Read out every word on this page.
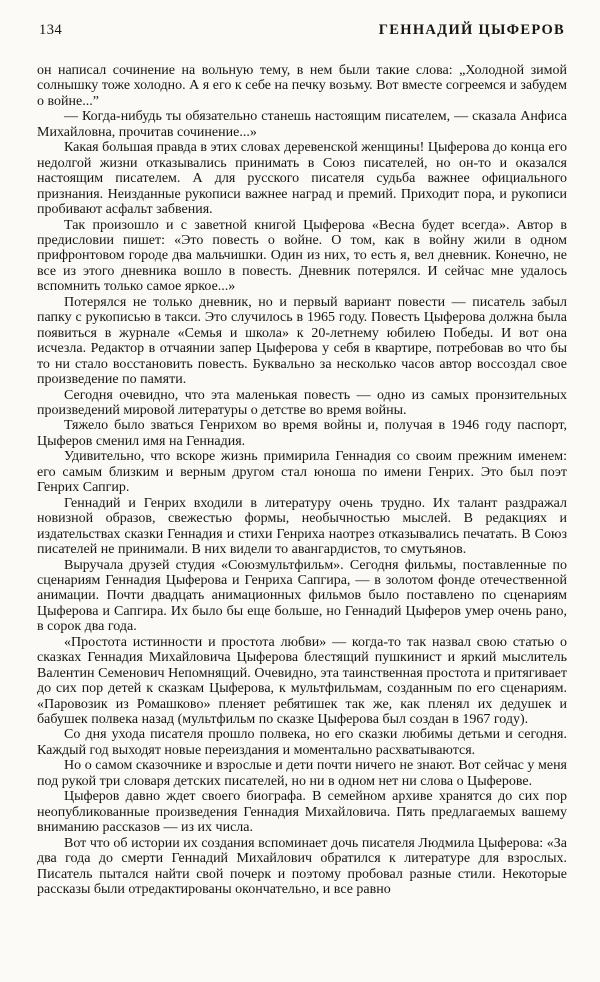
134	ГЕННАДИЙ ЦЫФЕРОВ

он написал сочинение на вольную тему, в нем были такие слова: „Холодной зимой солнышку тоже холодно. А я его к себе на печку возьму. Вот вместе согреемся и забудем о войне...”

— Когда-нибудь ты обязательно станешь настоящим писателем, — сказала Анфиса Михайловна, прочитав сочинение...»

Какая большая правда в этих словах деревенской женщины! Цыферова до конца его недолгой жизни отказывались принимать в Союз писателей, но он-то и оказался настоящим писателем. А для русского писателя судьба важнее официального признания. Неизданные рукописи важнее наград и премий. Приходит пора, и рукописи пробивают асфальт забвения.

Так произошло и с заветной книгой Цыферова «Весна будет всегда». Автор в предисловии пишет: «Это повесть о войне. О том, как в войну жили в одном прифронтовом городе два мальчишки. Один из них, то есть я, вел дневник. Конечно, не все из этого дневника вошло в повесть. Дневник потерялся. И сейчас мне удалось вспомнить только самое яркое...»

Потерялся не только дневник, но и первый вариант повести — писатель забыл папку с рукописью в такси. Это случилось в 1965 году. Повесть Цыферова должна была появиться в журнале «Семья и школа» к 20-летнему юбилею Победы. И вот она исчезла. Редактор в отчаянии запер Цыферова у себя в квартире, потребовав во что бы то ни стало восстановить повесть. Буквально за несколько часов автор воссоздал свое произведение по памяти.

Сегодня очевидно, что эта маленькая повесть — одно из самых пронзительных произведений мировой литературы о детстве во время войны.

Тяжело было зваться Генрихом во время войны и, получая в 1946 году паспорт, Цыферов сменил имя на Геннадия.

Удивительно, что вскоре жизнь примирила Геннадия со своим прежним именем: его самым близким и верным другом стал юноша по имени Генрих. Это был поэт Генрих Сапгир.

Геннадий и Генрих входили в литературу очень трудно. Их талант раздражал новизной образов, свежестью формы, необычностью мыслей. В редакциях и издательствах сказки Геннадия и стихи Генриха наотрез отказывались печатать. В Союз писателей не принимали. В них видели то авангардистов, то смутьянов.

Выручала друзей студия «Союзмультфильм». Сегодня фильмы, поставленные по сценариям Геннадия Цыферова и Генриха Сапгира, — в золотом фонде отечественной анимации. Почти двадцать анимационных фильмов было поставлено по сценариям Цыферова и Сапгира. Их было бы еще больше, но Геннадий Цыферов умер очень рано, в сорок два года.

«Простота истинности и простота любви» — когда-то так назвал свою статью о сказках Геннадия Михайловича Цыферова блестящий пушкинист и яркий мыслитель Валентин Семенович Непомнящий. Очевидно, эта таинственная простота и притягивает до сих пор детей к сказкам Цыферова, к мультфильмам, созданным по его сценариям. «Паровозик из Ромашково» пленяет ребятишек так же, как пленял их дедушек и бабушек полвека назад (мультфильм по сказке Цыферова был создан в 1967 году).

Со дня ухода писателя прошло полвека, но его сказки любимы детьми и сегодня. Каждый год выходят новые переиздания и моментально расхватываются.

Но о самом сказочнике и взрослые и дети почти ничего не знают. Вот сейчас у меня под рукой три словаря детских писателей, но ни в одном нет ни слова о Цыферове.

Цыферов давно ждет своего биографа. В семейном архиве хранятся до сих пор неопубликованные произведения Геннадия Михайловича. Пять предлагаемых вашему вниманию рассказов — из их числа.

Вот что об истории их создания вспоминает дочь писателя Людмила Цыферова: «За два года до смерти Геннадий Михайлович обратился к литературе для взрослых. Писатель пытался найти свой почерк и поэтому пробовал разные стили. Некоторые рассказы были отредактированы окончательно, и все равно
